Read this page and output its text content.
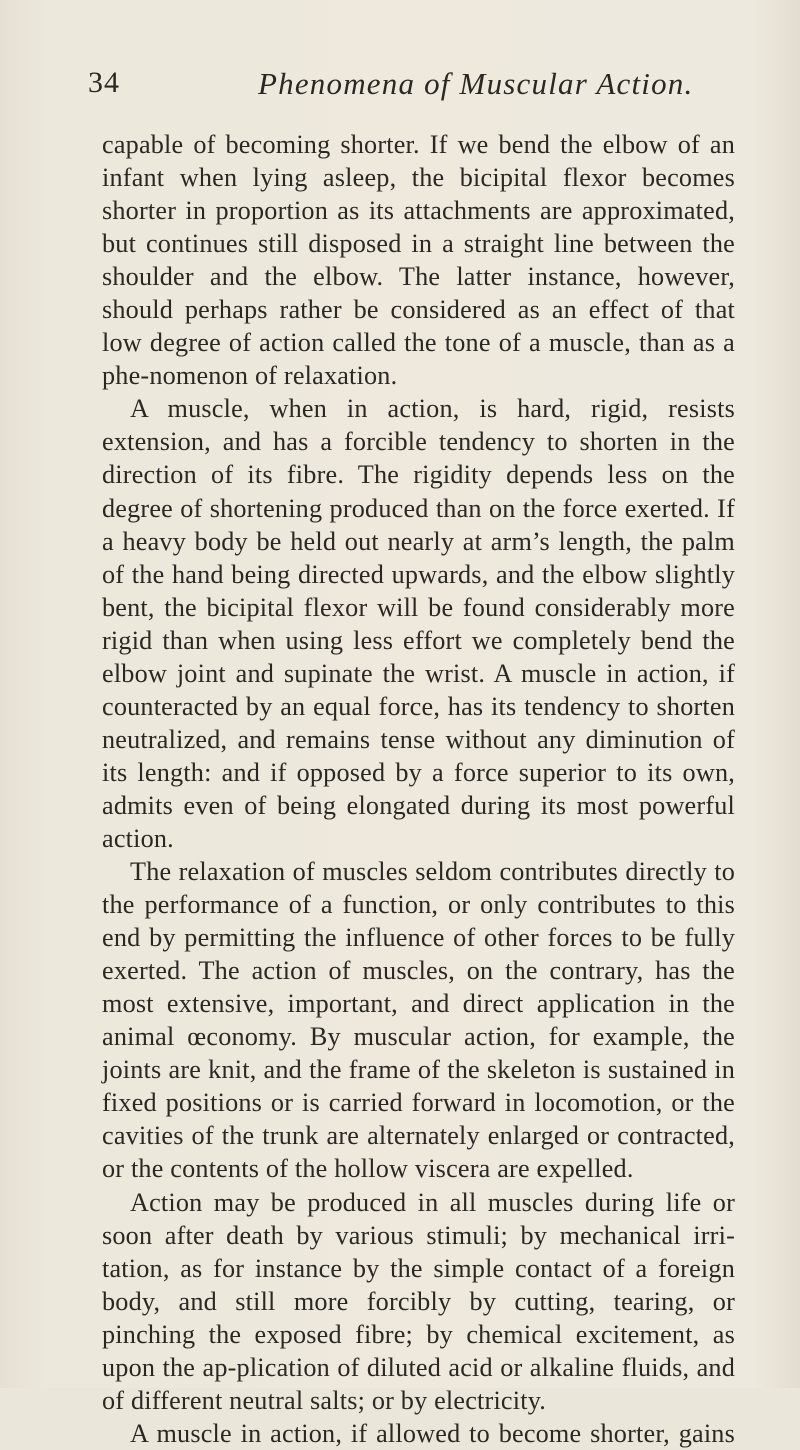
34	Phenomena of Muscular Action.

capable of becoming shorter. If we bend the elbow of an infant when lying asleep, the bicipital flexor becomes shorter in proportion as its attachments are approximated, but continues still disposed in a straight line between the shoulder and the elbow. The latter instance, however, should perhaps rather be considered as an effect of that low degree of action called the tone of a muscle, than as a phe-nomenon of relaxation.

A muscle, when in action, is hard, rigid, resists extension, and has a forcible tendency to shorten in the direction of its fibre. The rigidity depends less on the degree of shortening produced than on the force exerted. If a heavy body be held out nearly at arm’s length, the palm of the hand being directed upwards, and the elbow slightly bent, the bicipital flexor will be found considerably more rigid than when using less effort we completely bend the elbow joint and supinate the wrist. A muscle in action, if counteracted by an equal force, has its tendency to shorten neutralized, and remains tense without any diminution of its length: and if opposed by a force superior to its own, admits even of being elongated during its most powerful action.

The relaxation of muscles seldom contributes directly to the performance of a function, or only contributes to this end by permitting the influence of other forces to be fully exerted. The action of muscles, on the contrary, has the most extensive, important, and direct application in the animal œconomy. By muscular action, for example, the joints are knit, and the frame of the skeleton is sustained in fixed positions or is carried forward in locomotion, or the cavities of the trunk are alternately enlarged or contracted, or the contents of the hollow viscera are expelled.

Action may be produced in all muscles during life or soon after death by various stimuli; by mechanical irri-tation, as for instance by the simple contact of a foreign body, and still more forcibly by cutting, tearing, or pinching the exposed fibre; by chemical excitement, as upon the ap-plication of diluted acid or alkaline fluids, and of different neutral salts; or by electricity.

A muscle in action, if allowed to become shorter, gains
